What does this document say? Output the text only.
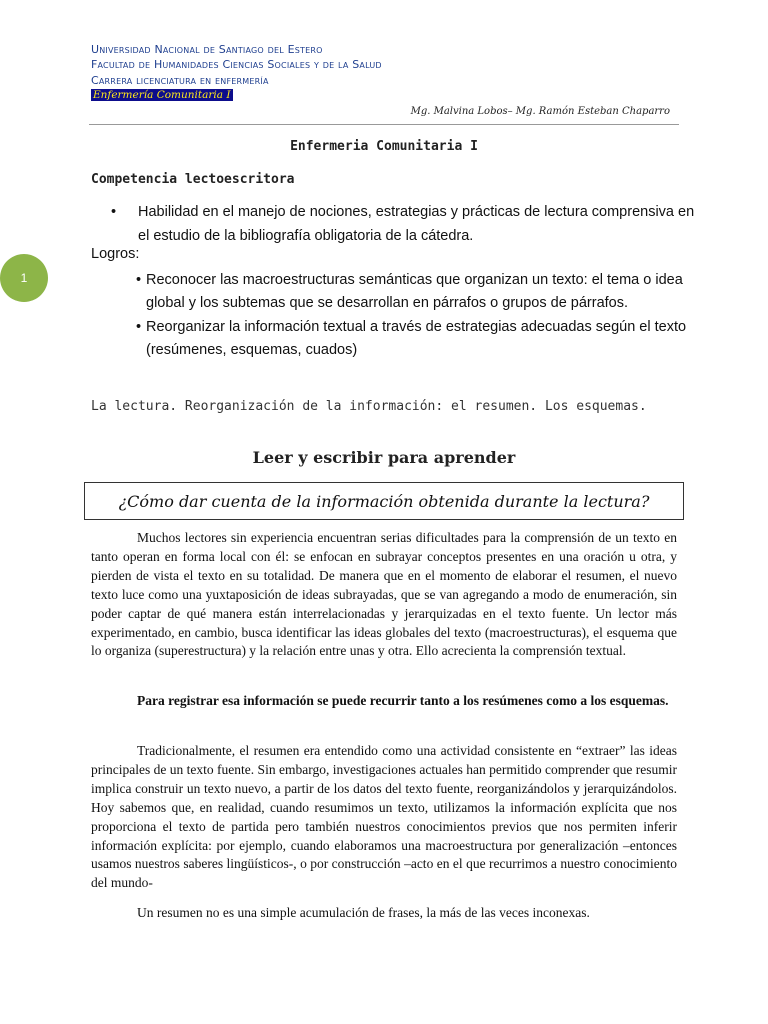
Universidad Nacional de Santiago del Estero
Facultad de Humanidades Ciencias Sociales y de la Salud
Carrera licenciatura en enfermería
Enfermería Comunitaria I
Mg. Malvina Lobos– Mg. Ramón Esteban Chaparro
1
Enfermeria Comunitaria I
Competencia lectoescritora
• Habilidad en el manejo de nociones, estrategias y prácticas de lectura comprensiva en el estudio de la bibliografía obligatoria de la cátedra.
Logros:
• Reconocer las macroestructuras semánticas que organizan un texto: el tema o idea global y los subtemas que se desarrollan en párrafos o grupos de párrafos.
• Reorganizar la información textual a través de estrategias adecuadas según el texto (resúmenes, esquemas, cuados)
La lectura. Reorganización de la información: el resumen. Los esquemas.
Leer y escribir para aprender
¿Cómo dar cuenta de la información obtenida durante la lectura?
Muchos lectores sin experiencia encuentran serias dificultades para la comprensión de un texto en tanto operan en forma local con él: se enfocan en subrayar conceptos presentes en una oración u otra, y pierden de vista el texto en su totalidad. De manera que en el momento de elaborar el resumen, el nuevo texto luce como una yuxtaposición de ideas subrayadas, que se van agregando a modo de enumeración, sin poder captar de qué manera están interrelacionadas y jerarquizadas en el texto fuente. Un lector más experimentado, en cambio, busca identificar las ideas globales del texto (macroestructuras), el esquema que lo organiza (superestructura) y la relación entre unas y otra. Ello acrecienta la comprensión textual.
Para registrar esa información se puede recurrir tanto a los resúmenes como a los esquemas.
Tradicionalmente, el resumen era entendido como una actividad consistente en “extraer” las ideas principales de un texto fuente. Sin embargo, investigaciones actuales han permitido comprender que resumir implica construir un texto nuevo, a partir de los datos del texto fuente, reorganizándolos y jerarquizándolos. Hoy sabemos que, en realidad, cuando resumimos un texto, utilizamos la información explícita que nos proporciona el texto de partida pero también nuestros conocimientos previos que nos permiten inferir información explícita: por ejemplo, cuando elaboramos una macroestructura por generalización –entonces usamos nuestros saberes lingüísticos-, o por construcción –acto en el que recurrimos a nuestro conocimiento del mundo-
Un resumen no es una simple acumulación de frases, la más de las veces inconexas.
